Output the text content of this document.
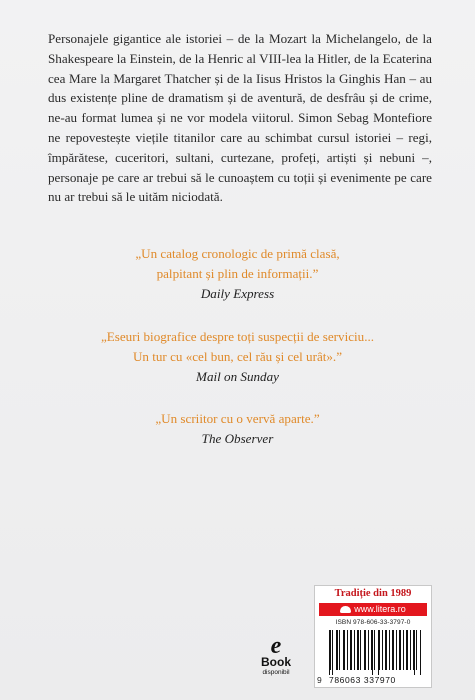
Personajele gigantice ale istoriei – de la Mozart la Michelangelo, de la Shakespeare la Einstein, de la Henric al VIII-lea la Hitler, de la Ecaterina cea Mare la Margaret Thatcher și de la Iisus Hristos la Ginghis Han – au dus existențe pline de dramatism și de aventură, de desfrâu și de crime, ne-au format lumea și ne vor modela viitorul. Simon Sebag Montefiore ne repovestește viețile titanilor care au schimbat cursul istoriei – regi, împărătese, cuceritori, sultani, curtezane, profeți, artiști și nebuni –, personaje pe care ar trebui să le cunoaștem cu toții și evenimente pe care nu ar trebui să le uităm niciodată.

„Un catalog cronologic de primă clasă,

palpitant și plin de informații.”

Daily Express

„Eseuri biografice despre toți suspecții de serviciu...

Un tur cu «cel bun, cel rău și cel urât».”

Mail on Sunday

„Un scriitor cu o vervă aparte.”

The Observer

e
Book
disponibil
Tradiție din 1989
www.litera.ro
ISBN 978-606-33-3797-0
9 786063 337970
